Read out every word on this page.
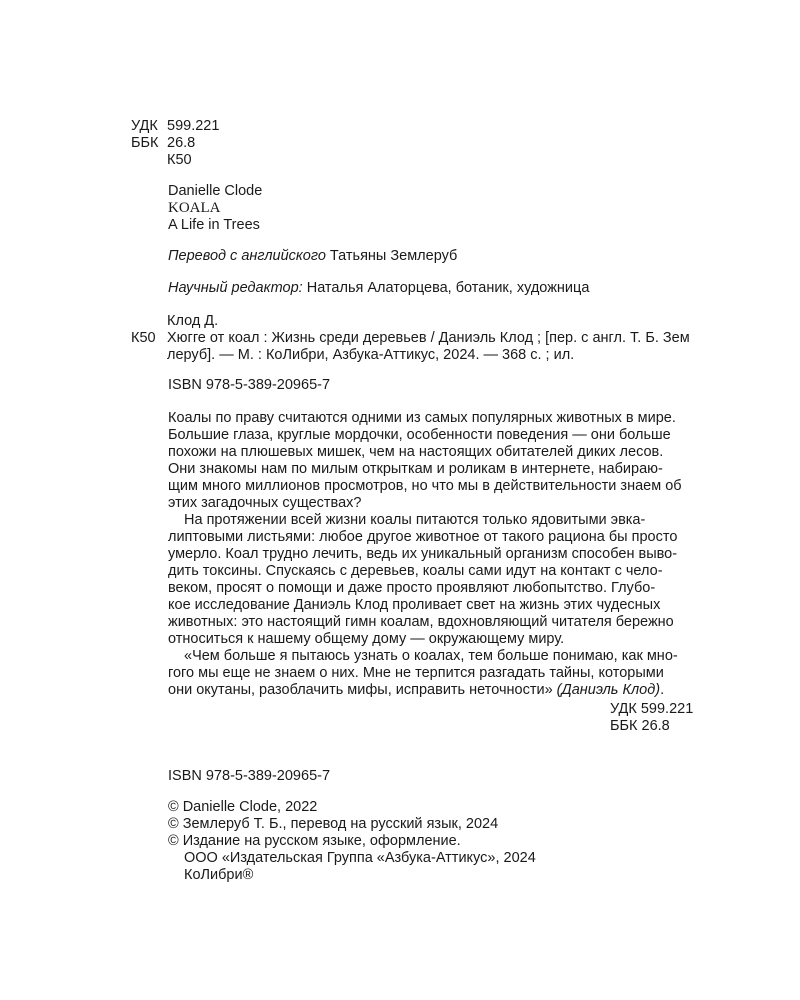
УДК 599.221
ББК 26.8
К50
Danielle Clode
KOALA
A Life in Trees
Перевод с английского Татьяны Землеруб
Научный редактор: Наталья Алаторцева, ботаник, художница
Клод Д.
К50 Хюгге от коал : Жизнь среди деревьев / Даниэль Клод ; [пер. с англ. Т. Б. Зем
леруб]. — М. : КоЛибри, Азбука-Аттикус, 2024. — 368 с. ; ил.
ISBN 978-5-389-20965-7

Коалы по праву считаются одними из самых популярных животных в мире.
Большие глаза, круглые мордочки, особенности поведения — они больше
похожи на плюшевых мишек, чем на настоящих обитателей диких лесов.
Они знакомы нам по милым открыткам и роликам в интернете, набираю-
щим много миллионов просмотров, но что мы в действительности знаем об
этих загадочных существах?

На протяжении всей жизни коалы питаются только ядовитыми эвка-
липтовыми листьями: любое другое животное от такого рациона бы просто
умерло. Коал трудно лечить, ведь их уникальный организм способен выво-
дить токсины. Спускаясь с деревьев, коалы сами идут на контакт с чело-
веком, просят о помощи и даже просто проявляют любопытство. Глубо-
кое исследование Даниэль Клод проливает свет на жизнь этих чудесных
животных: это настоящий гимн коалам, вдохновляющий читателя бережно
относиться к нашему общему дому — окружающему миру.

«Чем больше я пытаюсь узнать о коалах, тем больше понимаю, как мно-
гого мы еще не знаем о них. Мне не терпится разгадать тайны, которыми
они окутаны, разоблачить мифы, исправить неточности» (Даниэль Клод).

УДК 599.221
ББК 26.8
ISBN 978-5-389-20965-7
© Danielle Clode, 2022
© Землеруб Т. Б., перевод на русский язык, 2024
© Издание на русском языке, оформление.
ООО «Издательская Группа «Азбука-Аттикус», 2024
КоЛибри®
